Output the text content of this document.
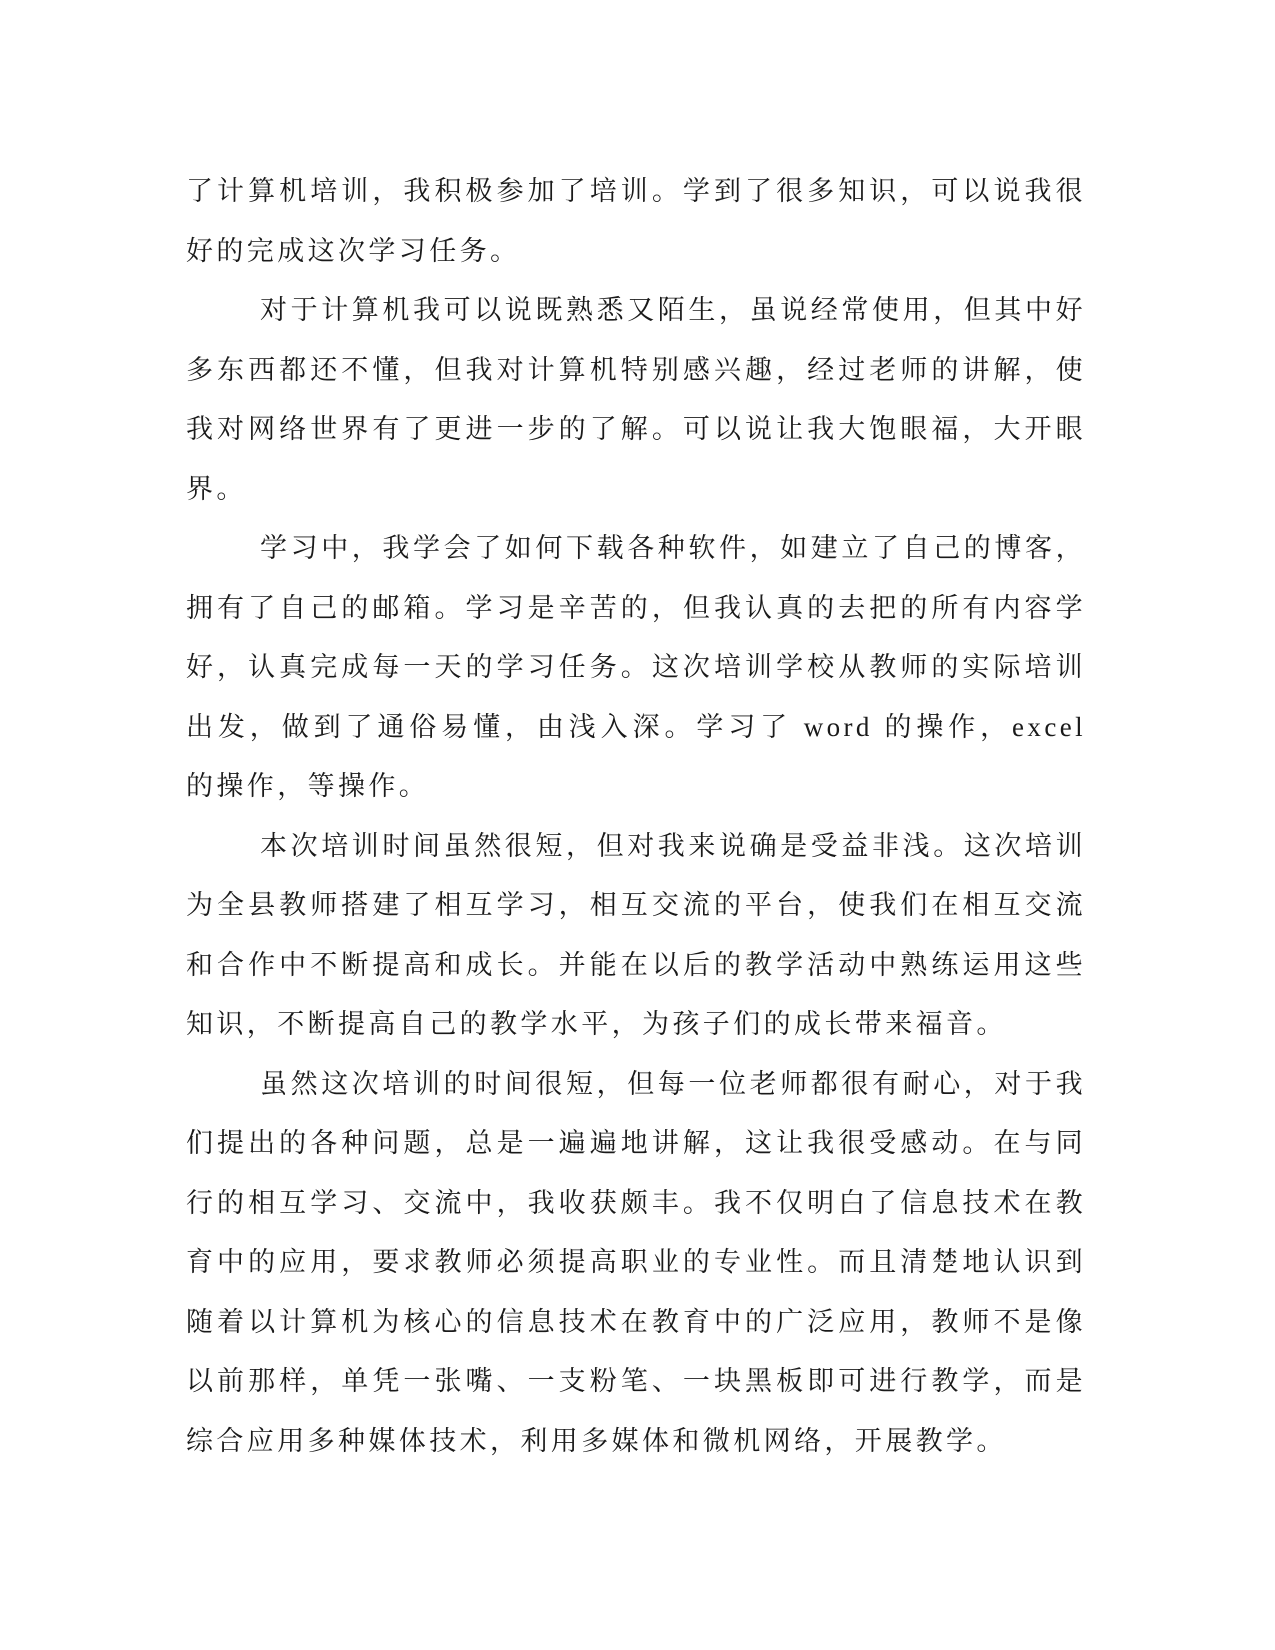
了计算机培训，我积极参加了培训。学到了很多知识，可以说我很好的完成这次学习任务。

对于计算机我可以说既熟悉又陌生，虽说经常使用，但其中好多东西都还不懂，但我对计算机特别感兴趣，经过老师的讲解，使我对网络世界有了更进一步的了解。可以说让我大饱眼福，大开眼界。

学习中，我学会了如何下载各种软件，如建立了自己的博客，拥有了自己的邮箱。学习是辛苦的，但我认真的去把的所有内容学好，认真完成每一天的学习任务。这次培训学校从教师的实际培训出发，做到了通俗易懂，由浅入深。学习了 word 的操作，excel 的操作，等操作。

本次培训时间虽然很短，但对我来说确是受益非浅。这次培训为全县教师搭建了相互学习，相互交流的平台，使我们在相互交流和合作中不断提高和成长。并能在以后的教学活动中熟练运用这些知识，不断提高自己的教学水平，为孩子们的成长带来福音。

虽然这次培训的时间很短，但每一位老师都很有耐心，对于我们提出的各种问题，总是一遍遍地讲解，这让我很受感动。在与同行的相互学习、交流中，我收获颇丰。我不仅明白了信息技术在教育中的应用，要求教师必须提高职业的专业性。而且清楚地认识到随着以计算机为核心的信息技术在教育中的广泛应用，教师不是像以前那样，单凭一张嘴、一支粉笔、一块黑板即可进行教学，而是综合应用多种媒体技术，利用多媒体和微机网络，开展教学。
